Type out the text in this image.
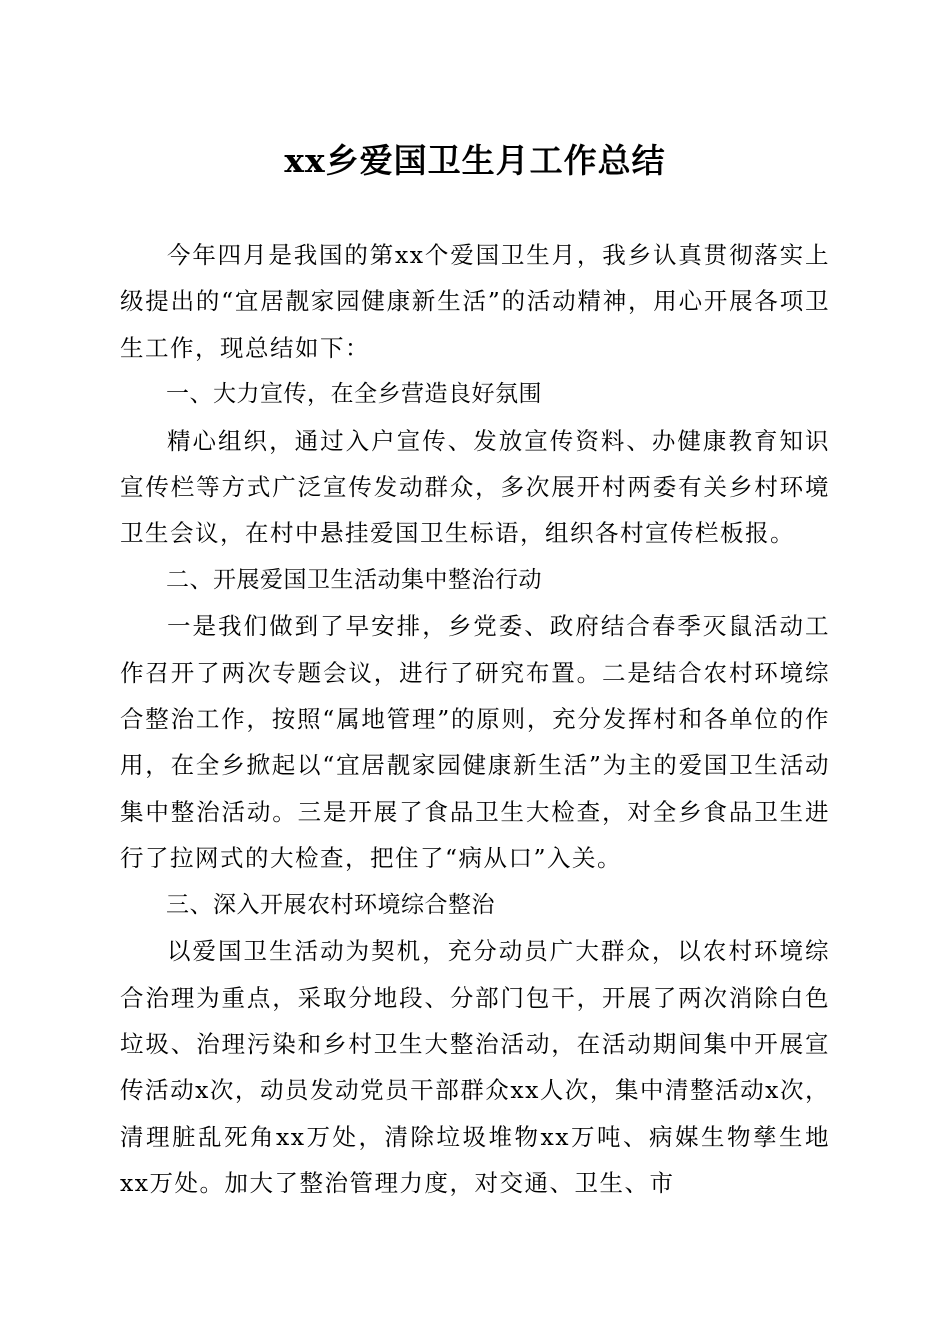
xx乡爱国卫生月工作总结

今年四月是我国的第xx个爱国卫生月，我乡认真贯彻落实上级提出的“宜居靓家园健康新生活”的活动精神，用心开展各项卫生工作，现总结如下：

一、大力宣传，在全乡营造良好氛围

精心组织，通过入户宣传、发放宣传资料、办健康教育知识宣传栏等方式广泛宣传发动群众，多次展开村两委有关乡村环境卫生会议，在村中悬挂爱国卫生标语，组织各村宣传栏板报。

二、开展爱国卫生活动集中整治行动

一是我们做到了早安排，乡党委、政府结合春季灭鼠活动工作召开了两次专题会议，进行了研究布置。二是结合农村环境综合整治工作，按照“属地管理”的原则，充分发挥村和各单位的作用，在全乡掀起以“宜居靓家园健康新生活”为主的爱国卫生活动集中整治活动。三是开展了食品卫生大检查，对全乡食品卫生进行了拉网式的大检查，把住了“病从口”入关。

三、深入开展农村环境综合整治

以爱国卫生活动为契机，充分动员广大群众，以农村环境综合治理为重点，采取分地段、分部门包干，开展了两次消除白色垃圾、治理污染和乡村卫生大整治活动，在活动期间集中开展宣传活动x次，动员发动党员干部群众xx人次，集中清整活动x次，清理脏乱死角xx万处，清除垃圾堆物xx万吨、病媒生物孳生地xx万处。加大了整治管理力度，对交通、卫生、市
